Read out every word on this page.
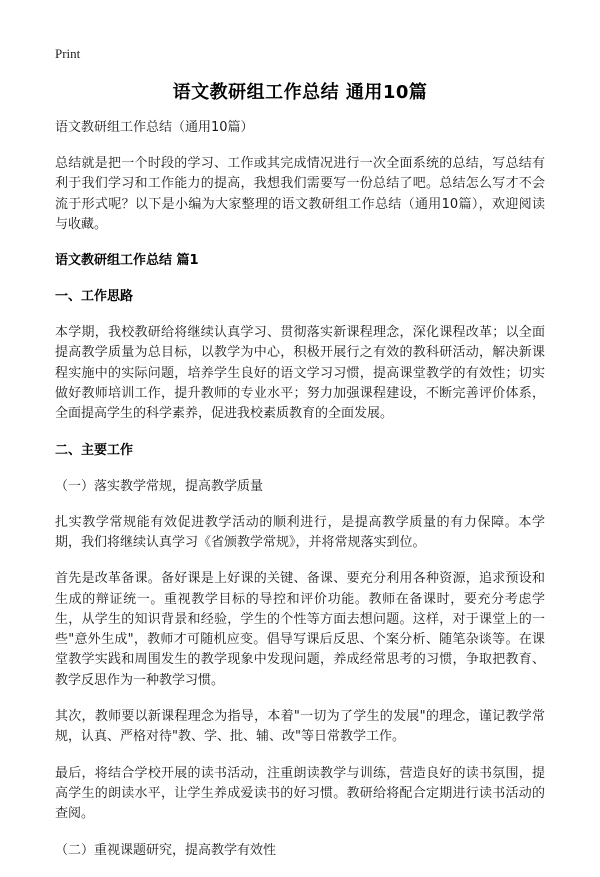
Print
语文教研组工作总结 通用10篇
语文教研组工作总结（通用10篇）
总结就是把一个时段的学习、工作或其完成情况进行一次全面系统的总结，写总结有利于我们学习和工作能力的提高，我想我们需要写一份总结了吧。总结怎么写才不会流于形式呢？以下是小编为大家整理的语文教研组工作总结（通用10篇），欢迎阅读与收藏。
语文教研组工作总结 篇1
一、工作思路
本学期，我校教研给将继续认真学习、贯彻落实新课程理念，深化课程改革；以全面提高教学质量为总目标，以教学为中心，积极开展行之有效的教科研活动，解决新课程实施中的实际问题，培养学生良好的语文学习习惯，提高课堂教学的有效性；切实做好教师培训工作，提升教师的专业水平；努力加强课程建设，不断完善评价体系，全面提高学生的科学素养，促进我校素质教育的全面发展。
二、主要工作
（一）落实教学常规，提高教学质量
扎实教学常规能有效促进教学活动的顺利进行，是提高教学质量的有力保障。本学期，我们将继续认真学习《省颁教学常规》，并将常规落实到位。
首先是改革备课。备好课是上好课的关键、备课、要充分利用各种资源，追求预设和生成的辩证统一。重视教学目标的导控和评价功能。教师在备课时，要充分考虑学生，从学生的知识背景和经验，学生的个性等方面去想问题。这样，对于课堂上的一些"意外生成"，教师才可随机应变。倡导写课后反思、个案分析、随笔杂谈等。在课堂教学实践和周围发生的教学现象中发现问题，养成经常思考的习惯，争取把教育、教学反思作为一种教学习惯。
其次，教师要以新课程理念为指导，本着"一切为了学生的发展"的理念，谨记教学常规，认真、严格对待"教、学、批、辅、改"等日常教学工作。
最后，将结合学校开展的读书活动，注重朗读教学与训练，营造良好的读书氛围，提高学生的朗读水平，让学生养成爱读书的好习惯。教研给将配合定期进行读书活动的查阅。
（二）重视课题研究，提高教学有效性
